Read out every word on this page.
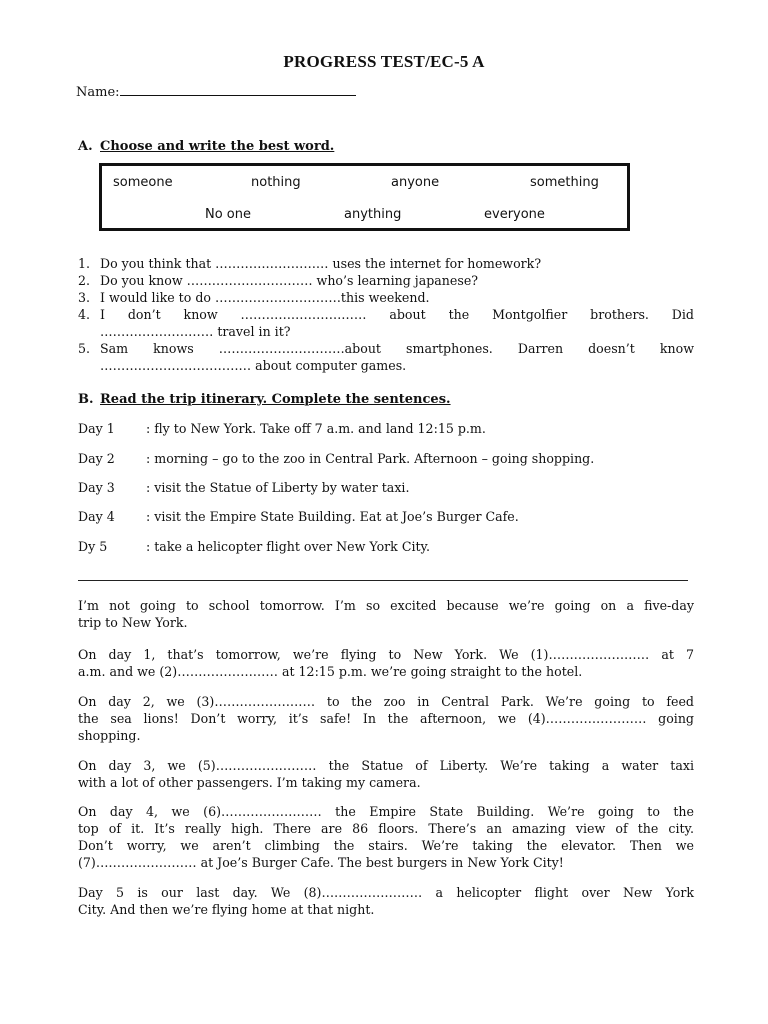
PROGRESS TEST/EC-5 A
Name:
A. Choose and write the best word.
someone	nothing	anyone	something
No one	anything	everyone
1. Do you think that ……………………… uses the internet for homework?
2. Do you know ………………………… who’s learning japanese?
3. I would like to do …………………………this weekend.
4. I don’t know ………………………… about the Montgolfier brothers. Did
……………………… travel in it?
5. Sam knows …………………………about smartphones. Darren doesn’t know
……………………………… about computer games.
B. Read the trip itinerary. Complete the sentences.
Day 1 : fly to New York. Take off 7 a.m. and land 12:15 p.m.
Day 2 : morning – go to the zoo in Central Park. Afternoon – going shopping.
Day 3 : visit the Statue of Liberty by water taxi.
Day 4 : visit the Empire State Building. Eat at Joe’s Burger Cafe.
Dy 5	: take a helicopter flight over New York City.
I’m not going to school tomorrow. I’m so excited because we’re going on a five-day
trip to New York.
On day 1, that’s tomorrow, we’re flying to New York. We (1)…………………… at 7
a.m. and we (2)…………………… at 12:15 p.m. we’re going straight to the hotel.
On day 2, we (3)…………………… to the zoo in Central Park. We’re going to feed
the sea lions! Don’t worry, it’s safe! In the afternoon, we (4)…………………… going
shopping.
On day 3, we (5)…………………… the Statue of Liberty. We’re taking a water taxi
with a lot of other passengers. I’m taking my camera.
On day 4, we (6)…………………… the Empire State Building. We’re going to the
top of it. It’s really high. There are 86 floors. There’s an amazing view of the city.
Don’t worry, we aren’t climbing the stairs. We’re taking the elevator. Then we
(7)…………………… at Joe’s Burger Cafe. The best burgers in New York City!
Day 5 is our last day. We (8)…………………… a helicopter flight over New York
City. And then we’re flying home at that night.
